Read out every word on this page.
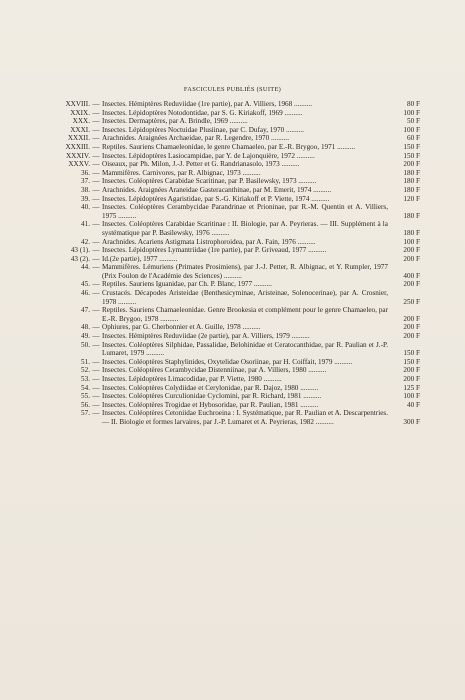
FASCICULES PUBLIÉS (SUITE)
XXVIII. — Insectes. Hémiptères Reduviidae (1re partie), par A. Villiers, 1968 ..........	80 F
XXIX. — Insectes. Lépidoptères Notodontidae, par S. G. Kiriakoff, 1969 ..........	100 F
XXX. — Insectes. Dermaptères, par A. Brindle, 1969 ..........	50 F
XXXI. — Insectes. Lépidoptères Noctuidae Plusiinae, par C. Dufay, 1970 ..........	100 F
XXXII. — Arachnides. Araignées Archaeidae, par R. Legendre, 1970 ..........	60 F
XXXIII. — Reptiles. Sauriens Chamaeleonidae, le genre Chamaeleo, par E.-R. Brygoo, 1971 ..........	150 F
XXXIV. — Insectes. Lépidoptères Lasiocampidae, par Y. de Lajonquière, 1972 ..........	150 F
XXXV. — Oiseaux, par Ph. Milon, J.-J. Petter et G. Randrianasolo, 1973 ..........	200 F
36. — Mammifères. Carnivores, par R. Albignac, 1973 ..........	180 F
37. — Insectes. Coléoptères Carabidae Scaritinae, par P. Basilewsky, 1973 ..........	180 F
38. — Arachnides. Araignées Araneidae Gasteracanthinae, par M. Emerit, 1974 ..........	180 F
39. — Insectes. Lépidoptères Agaristidae, par S.-G. Kiriakoff et P. Viette, 1974 ..........	120 F
40. — Insectes. Coléoptères Cerambycidae Parandrinae et Prioninae, par R.-M. Quentin et A. Villiers, 1975 ..........	180 F
41. — Insectes. Coléoptères Carabidae Scaritinae : II. Biologie, par A. Peyrieras. — III. Supplément à la systématique par P. Basilewsky, 1976 ..........	180 F
42. — Arachnides. Acariens Astigmata Listrophoroidea, par A. Fain, 1976 ..........	100 F
43 (1). — Insectes. Lépidoptères Lymantriidae (1re partie), par P. Griveaud, 1977 ..........	200 F
43 (2). — Id.(2e partie), 1977 ..........	200 F
44. — Mammifères. Lémuriens (Primates Prosimiens), par J.-J. Petter, R. Albignac, et Y. Rumpler, 1977 (Prix Foulon de l'Académie des Sciences) ..........	400 F
45. — Reptiles. Sauriens Iguanidae, par Ch. P. Blanc, 1977 ..........	200 F
46. — Crustacés. Décapodes Aristeidae (Benthesicyminae, Aristeinae, Solenocerinae), par A. Crosnier, 1978 ..........	250 F
47. — Reptiles. Sauriens Chamaeleonidae. Genre Brookesia et complément pour le genre Chamaeleo, par E.-R. Brygoo, 1978 ..........	200 F
48. — Ophiures, par G. Cherbonnier et A. Guille, 1978 ..........	200 F
49. — Insectes. Hémiptères Reduviidae (2e partie), par A. Villiers, 1979 ..........	200 F
50. — Insectes. Coléoptères Silphidae, Passalidae, Belohinidae et Ceratocanthidae, par R. Paulian et J.-P. Lumaret, 1979 ..........	150 F
51. — Insectes. Coléoptères Staphylinides, Oxytelidae Osoriinae, par H. Coiffait, 1979 ..........	150 F
52. — Insectes. Coléoptères Cerambycidae Distenniinae, par A. Villiers, 1980 ..........	200 F
53. — Insectes. Lépidoptères Limacodidae, par P. Viette, 1980 ..........	200 F
54. — Insectes. Coléoptères Colydiidae et Cerylonidae, par R. Dajoz, 1980 ..........	125 F
55. — Insectes. Coléoptères Curculionidae Cyclomini, par R. Richard, 1981 ..........	100 F
56. — Insectes. Coléoptères Trogidae et Hybosoridae, par R. Paulian, 1981 ..........	40 F
57. — Insectes. Coléoptères Cetoniidae Euchroeina : I. Systématique, par R. Paulian et A. Descarpentries. — II. Biologie et formes larvaires, par J.-P. Lumaret et A. Peyrieras, 1982 ..........	300 F
